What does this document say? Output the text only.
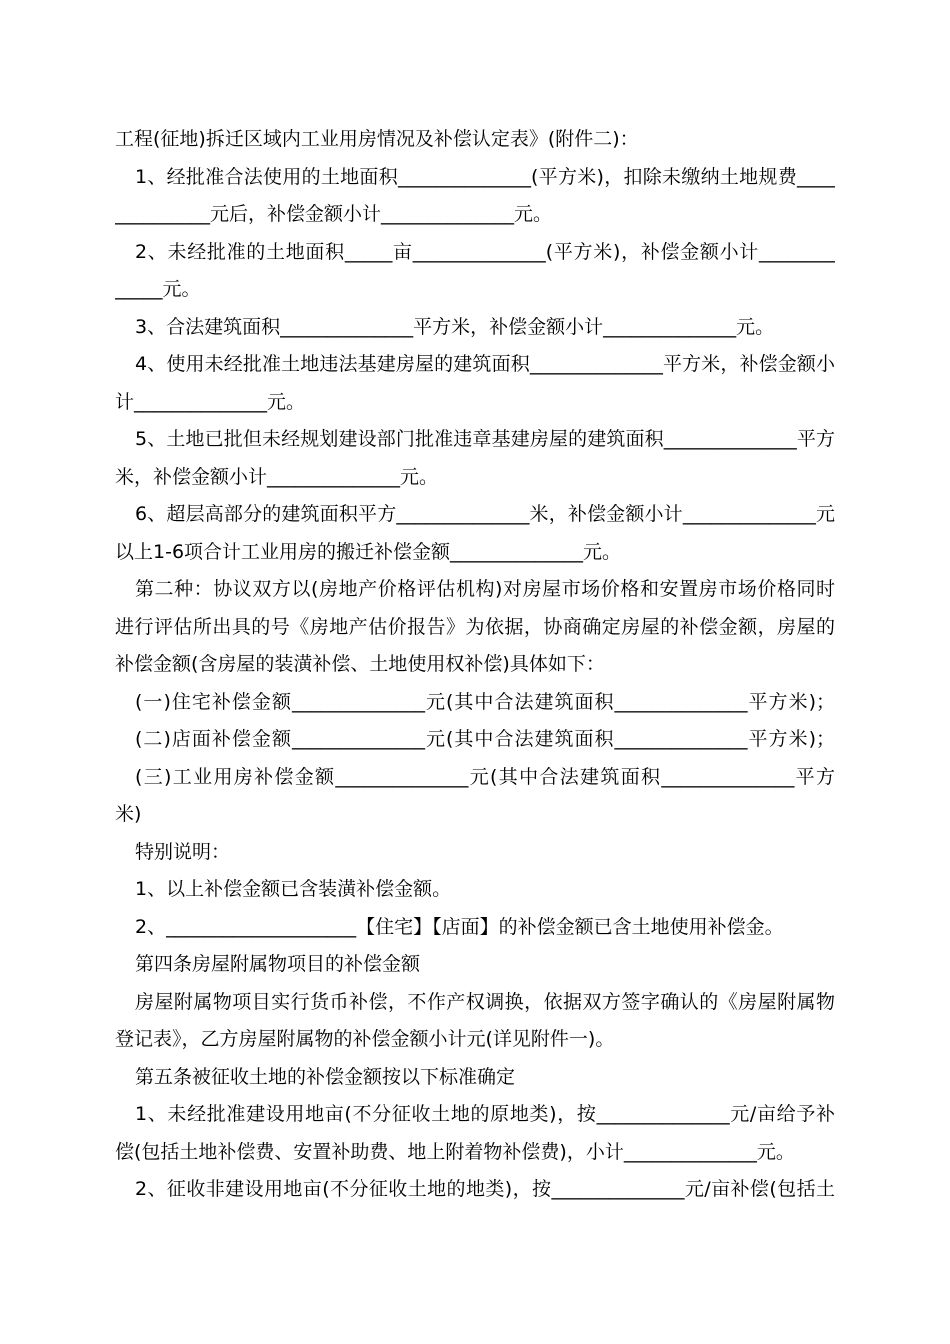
工程(征地)拆迁区域内工业用房情况及补偿认定表》(附件二)：
1、经批准合法使用的土地面积______________(平方米)，扣除未缴纳土地规费____
__________元后，补偿金额小计______________元。
2、未经批准的土地面积_____亩______________(平方米)，补偿金额小计________
_____元。
3、合法建筑面积______________平方米，补偿金额小计______________元。
4、使用未经批准土地违法基建房屋的建筑面积______________平方米，补偿金额小
计______________元。
5、土地已批但未经规划建设部门批准违章基建房屋的建筑面积______________平方
米，补偿金额小计______________元。
6、超层高部分的建筑面积平方______________米，补偿金额小计______________元
以上1-6项合计工业用房的搬迁补偿金额______________元。
第二种：协议双方以(房地产价格评估机构)对房屋市场价格和安置房市场价格同时
进行评估所出具的号《房地产估价报告》为依据，协商确定房屋的补偿金额，房屋的
补偿金额(含房屋的装潢补偿、土地使用权补偿)具体如下：
(一)住宅补偿金额______________元(其中合法建筑面积______________平方米)；
(二)店面补偿金额______________元(其中合法建筑面积______________平方米)；
(三)工业用房补偿金额______________元(其中合法建筑面积______________平方
米)
特别说明：
1、以上补偿金额已含装潢补偿金额。
2、____________________【住宅】【店面】的补偿金额已含土地使用补偿金。
第四条房屋附属物项目的补偿金额
房屋附属物项目实行货币补偿，不作产权调换，依据双方签字确认的《房屋附属物
登记表》，乙方房屋附属物的补偿金额小计元(详见附件一)。
第五条被征收土地的补偿金额按以下标准确定
1、未经批准建设用地亩(不分征收土地的原地类)，按______________元/亩给予补
偿(包括土地补偿费、安置补助费、地上附着物补偿费)，小计______________元。
2、征收非建设用地亩(不分征收土地的地类)，按______________元/亩补偿(包括土
